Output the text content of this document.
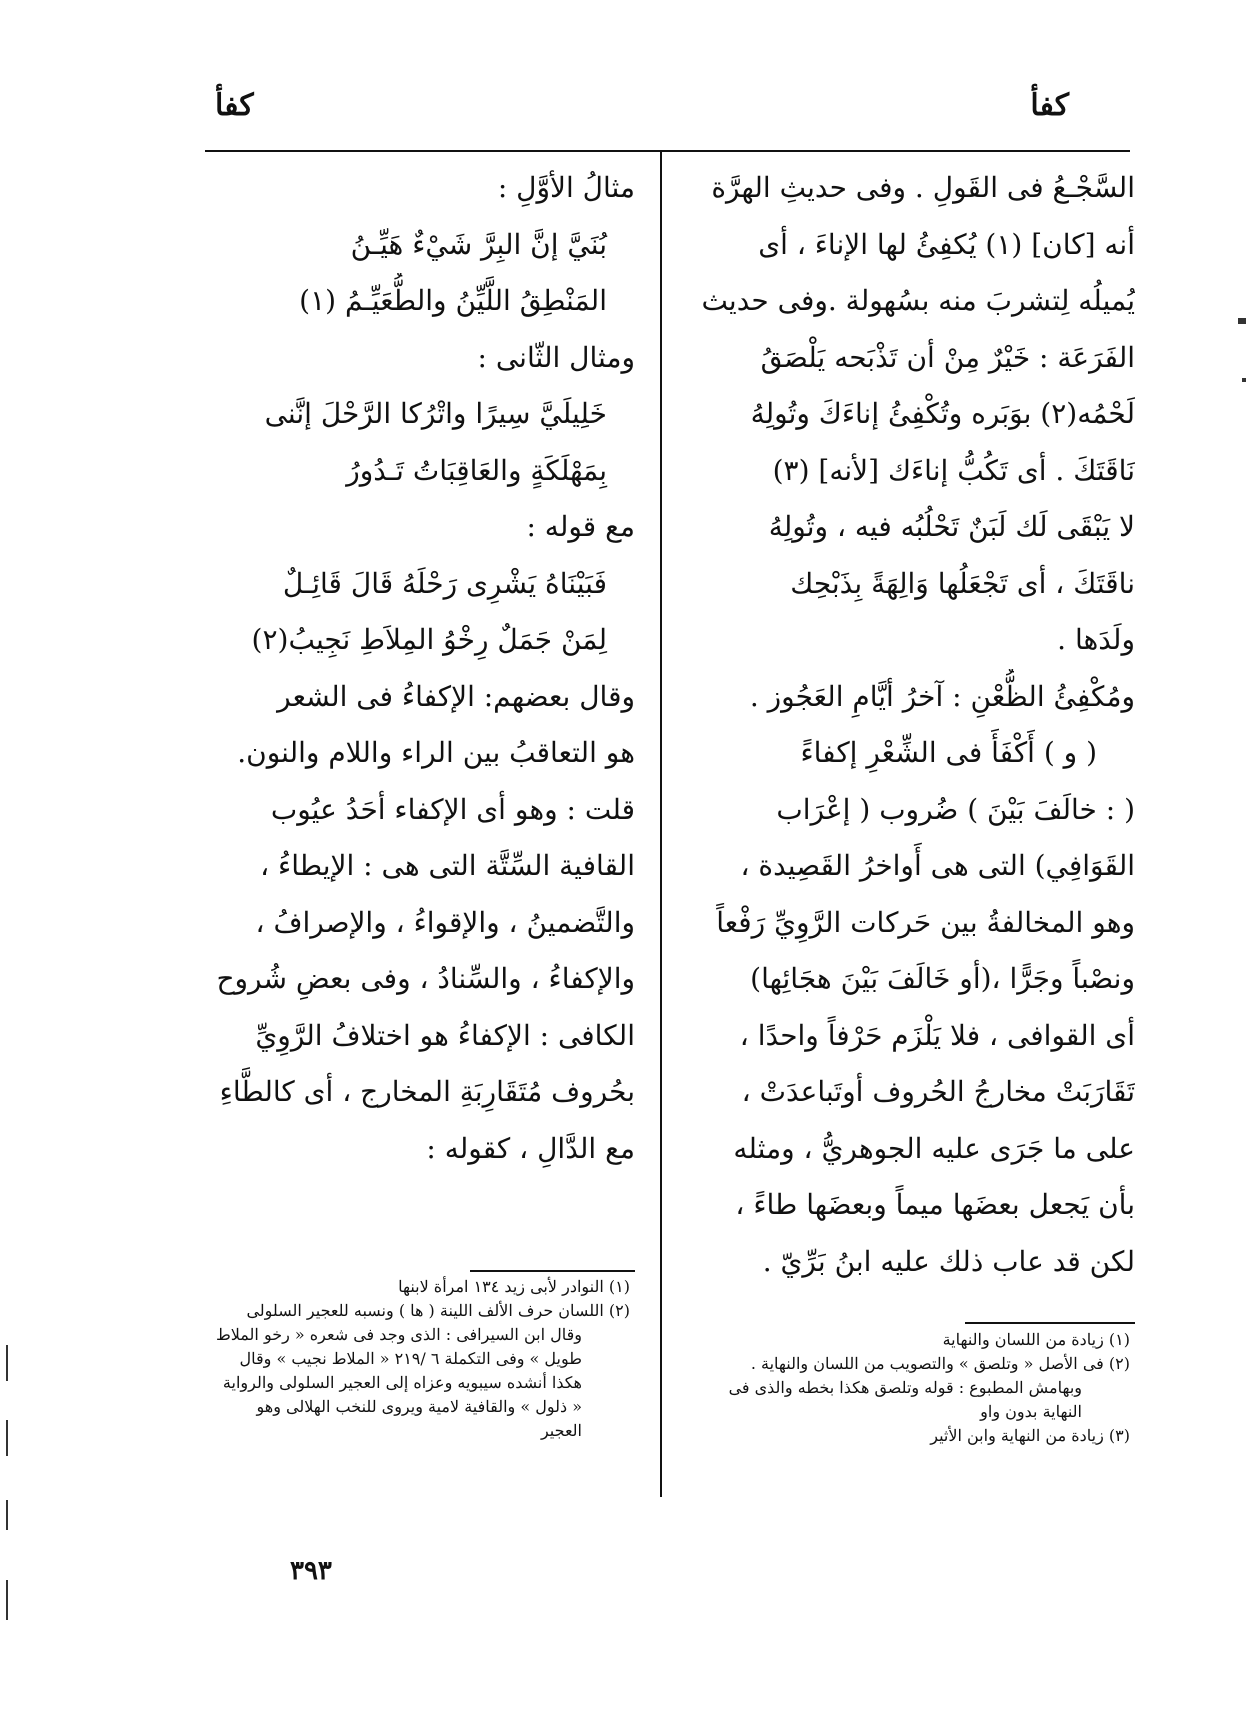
كفأ
كفأ
السَّجْـعُ فى القَولِ . وفى حديثِ الهرَّة
أنه [كان] (١) يُكفِئُ لها الإناءَ ، أى
يُميلُه لِتشربَ منه بسُهولة .وفى حديث
الفَرَعَة : خَيْرٌ مِنْ أن تَذْبَحه يَلْصَقُ
لَحْمُه(٢) بوَبَره وتُكْفِئُ إناءَكَ وتُولِهُ
نَاقَتَكَ . أى تَكُبُّ إناءَك [لأنه] (٣)
لا يَبْقَى لَك لَبَنٌ تَحْلُبُه فيه ، وتُولِهُ
ناقَتَكَ ، أى تَجْعَلُها وَالِهَةً بِذَبْحِك
ولَدَها .
ومُكْفِئُ الظُّعْنِ : آخرُ أيَّامِ العَجُوز .
( و ) أَكْفَأَ فى الشِّعْرِ إكفاءً
( : خالَفَ بَيْنَ ) ضُروب ( إعْرَاب
القَوَافِي) التى هى أَواخرُ القَصِيدة ،
وهو المخالفةُ بين حَركات الرَّوِيِّ رَفْعاً
ونصْباً وجَرًّا ،(أو خَالَفَ بَيْنَ هجَائِها)
أى القوافى ، فلا يَلْزَم حَرْفاً واحدًا ،
تَقَارَبَتْ مخارجُ الحُروف أوتَباعدَتْ ،
على ما جَرَى عليه الجوهريُّ ، ومثله
بأن يَجعل بعضَها ميماً وبعضَها طاءً ،
لكن قد عاب ذلك عليه ابنُ بَرِّيّ .
مثالُ الأوَّلِ :
بُنَيَّ إنَّ البِرَّ شَيْءٌ هَيِّـنُ
المَنْطِقُ اللَّيِّنُ والطُّعَيِّـمُ (١)
ومثال الثّانى :
خَلِيلَيَّ سِيرًا واتْرُكا الرَّحْلَ إنَّنى
بِمَهْلَكَةٍ والعَاقِبَاتُ تَـدُورُ
مع قوله :
فَبَيْنَاهُ يَشْرِى رَحْلَهُ قَالَ قَائِـلٌ
لِمَنْ جَمَلٌ رِخْوُ المِلاَطِ نَجِيبُ(٢)
وقال بعضهم: الإكفاءُ فى الشعر
هو التعاقبُ بين الراء واللام والنون.
قلت : وهو أى الإكفاء أحَدُ عيُوب
القافية السِّتَّة التى هى : الإيطاءُ ،
والتَّضمينُ ، والإقواءُ ، والإصرافُ ،
والإكفاءُ ، والسِّنادُ ، وفى بعضِ شُروح
الكافى : الإكفاءُ هو اختلافُ الرَّوِيِّ
بحُروف مُتَقَارِبَةِ المخارج ، أى كالطَّاءِ
مع الدَّالِ ، كقوله :
(١) زيادة من اللسان والنهاية
(٢) فى الأصل « وتلصق » والتصويب من اللسان والنهاية .
وبهامش المطبوع : قوله وتلصق هكذا بخطه والذى فى
النهاية بدون واو
(٣) زيادة من النهاية وابن الأثير
(١) النوادر لأبى زيد ١٣٤ امرأة لابنها
(٢) اللسان حرف الألف اللينة ( ها ) ونسبه للعجير السلولى
وقال ابن السيرافى : الذى وجد فى شعره « رخو الملاط
طويل » وفى التكملة ٦ /٢١٩ « الملاط نجيب » وقال
هكذا أنشده سيبويه وعزاه إلى العجير السلولى والرواية
« ذلول » والقافية لامية ويروى للنخب الهلالى وهو
العجير
٣٩٣
